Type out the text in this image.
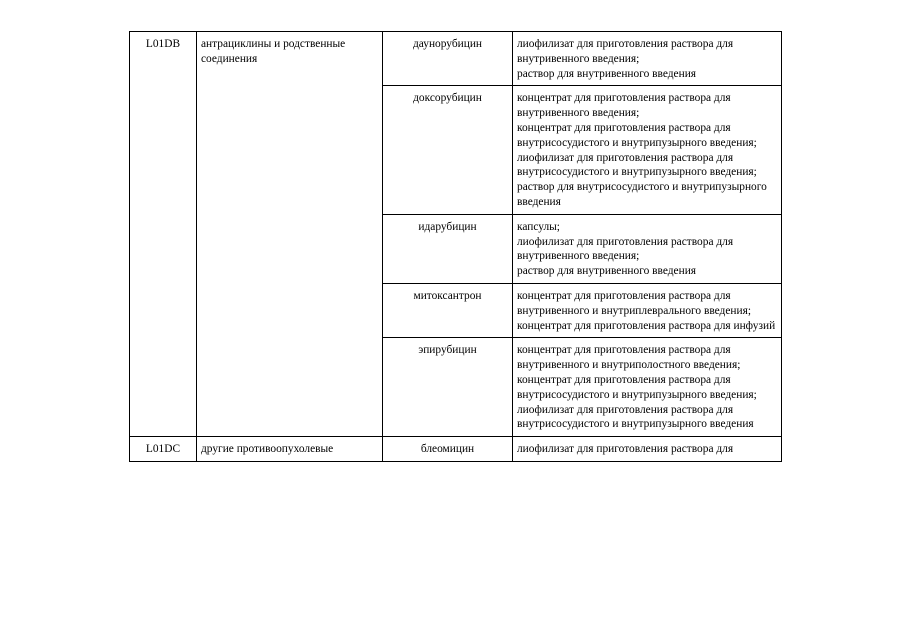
L01DB	антрациклины и родственные соединения	даунорубицин	лиофилизат для приготовления раствора для внутривенного введения;
раствор для внутривенного введения

		доксорубицин	концентрат для приготовления раствора для внутривенного введения;
концентрат для приготовления раствора для внутрисосудистого и внутрипузырного введения;
лиофилизат для приготовления раствора для внутрисосудистого и внутрипузырного введения;
раствор для внутрисосудистого и внутрипузырного введения

		идарубицин	капсулы;
лиофилизат для приготовления раствора для внутривенного введения;
раствор для внутривенного введения

		митоксантрон	концентрат для приготовления раствора для внутривенного и внутриплеврального введения;
концентрат для приготовления раствора для инфузий

		эпирубицин	концентрат для приготовления раствора для внутривенного и внутриполостного введения;
концентрат для приготовления раствора для внутрисосудистого и внутрипузырного введения;
лиофилизат для приготовления раствора для внутрисосудистого и внутрипузырного введения

L01DC	другие противоопухолевые	блеомицин	лиофилизат для приготовления раствора для
